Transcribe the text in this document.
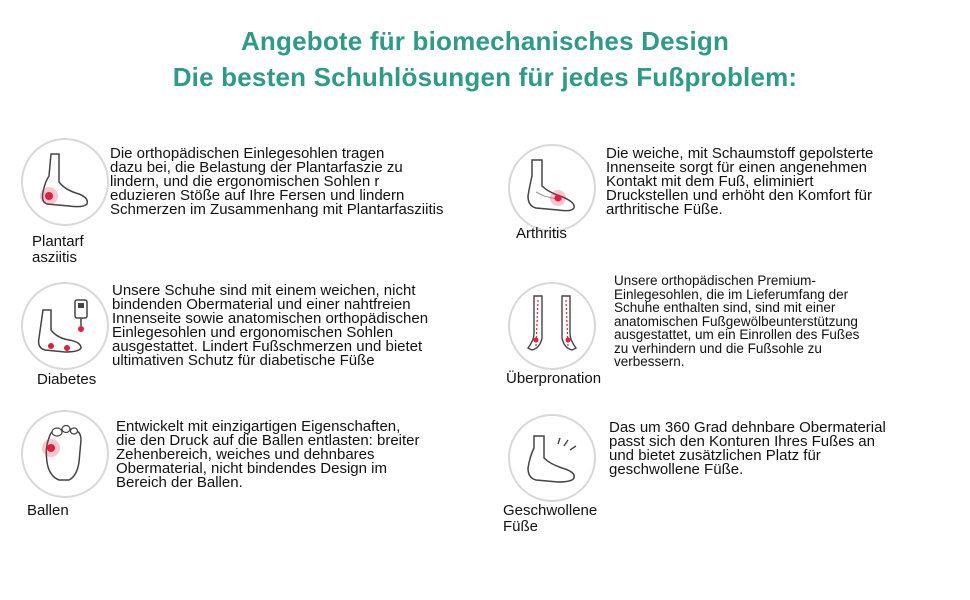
Angebote für biomechanisches Design
Die besten Schuhlösungen für jedes Fußproblem:
Plantarf
asziitis
Die orthopädischen Einlegesohlen tragen
dazu bei, die Belastung der Plantarfaszie zu
lindern, und die ergonomischen Sohlen r
eduzieren Stöße auf Ihre Fersen und lindern
Schmerzen im Zusammenhang mit Plantarfasziitis
Arthritis
Die weiche, mit Schaumstoff gepolsterte
Innenseite sorgt für einen angenehmen
Kontakt mit dem Fuß, eliminiert
Druckstellen und erhöht den Komfort für
arthritische Füße.
Diabetes
Unsere Schuhe sind mit einem weichen, nicht
bindenden Obermaterial und einer nahtfreien
Innenseite sowie anatomischen orthopädischen
Einlegesohlen und ergonomischen Sohlen
ausgestattet. Lindert Fußschmerzen und bietet
ultimativen Schutz für diabetische Füße
Überpronation
Unsere orthopädischen Premium-
Einlegesohlen, die im Lieferumfang der
Schuhe enthalten sind, sind mit einer
anatomischen Fußgewölbeunterstützung
ausgestattet, um ein Einrollen des Fußes
zu verhindern und die Fußsohle zu
verbessern.
Ballen
Entwickelt mit einzigartigen Eigenschaften,
die den Druck auf die Ballen entlasten: breiter
Zehenbereich, weiches und dehnbares
Obermaterial, nicht bindendes Design im
Bereich der Ballen.
Geschwollene
Füße
Das um 360 Grad dehnbare Obermaterial
passt sich den Konturen Ihres Fußes an
und bietet zusätzlichen Platz für
geschwollene Füße.
